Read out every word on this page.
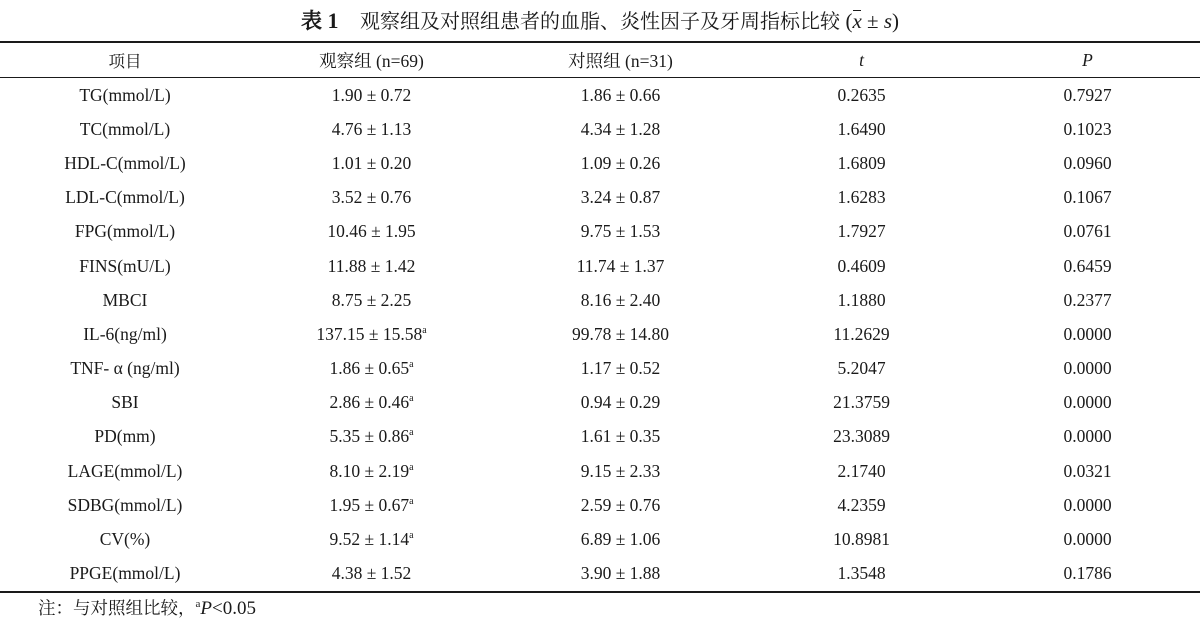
表 1 观察组及对照组患者的血脂、炎性因子及牙周指标比较 (x ± s)
项目	观察组 (n=69)	对照组 (n=31)	t	P
TG(mmol/L)	1.90 ± 0.72	1.86 ± 0.66	0.2635	0.7927
TC(mmol/L)	4.76 ± 1.13	4.34 ± 1.28	1.6490	0.1023
HDL-C(mmol/L)	1.01 ± 0.20	1.09 ± 0.26	1.6809	0.0960
LDL-C(mmol/L)	3.52 ± 0.76	3.24 ± 0.87	1.6283	0.1067
FPG(mmol/L)	10.46 ± 1.95	9.75 ± 1.53	1.7927	0.0761
FINS(mU/L)	11.88 ± 1.42	11.74 ± 1.37	0.4609	0.6459
MBCI	8.75 ± 2.25	8.16 ± 2.40	1.1880	0.2377
IL-6(ng/ml)	137.15 ± 15.58$^a$	99.78 ± 14.80	11.2629	0.0000
TNF- α (ng/ml)	1.86 ± 0.65$^a$	1.17 ± 0.52	5.2047	0.0000
SBI	2.86 ± 0.46$^a$	0.94 ± 0.29	21.3759	0.0000
PD(mm)	5.35 ± 0.86$^a$	1.61 ± 0.35	23.3089	0.0000
LAGE(mmol/L)	8.10 ± 2.19$^a$	9.15 ± 2.33	2.1740	0.0321
SDBG(mmol/L)	1.95 ± 0.67$^a$	2.59 ± 0.76	4.2359	0.0000
CV(%)	9.52 ± 1.14$^a$	6.89 ± 1.06	10.8981	0.0000
PPGE(mmol/L)	4.38 ± 1.52	3.90 ± 1.88	1.3548	0.1786
注：与对照组比较，$^a$P<0.05
